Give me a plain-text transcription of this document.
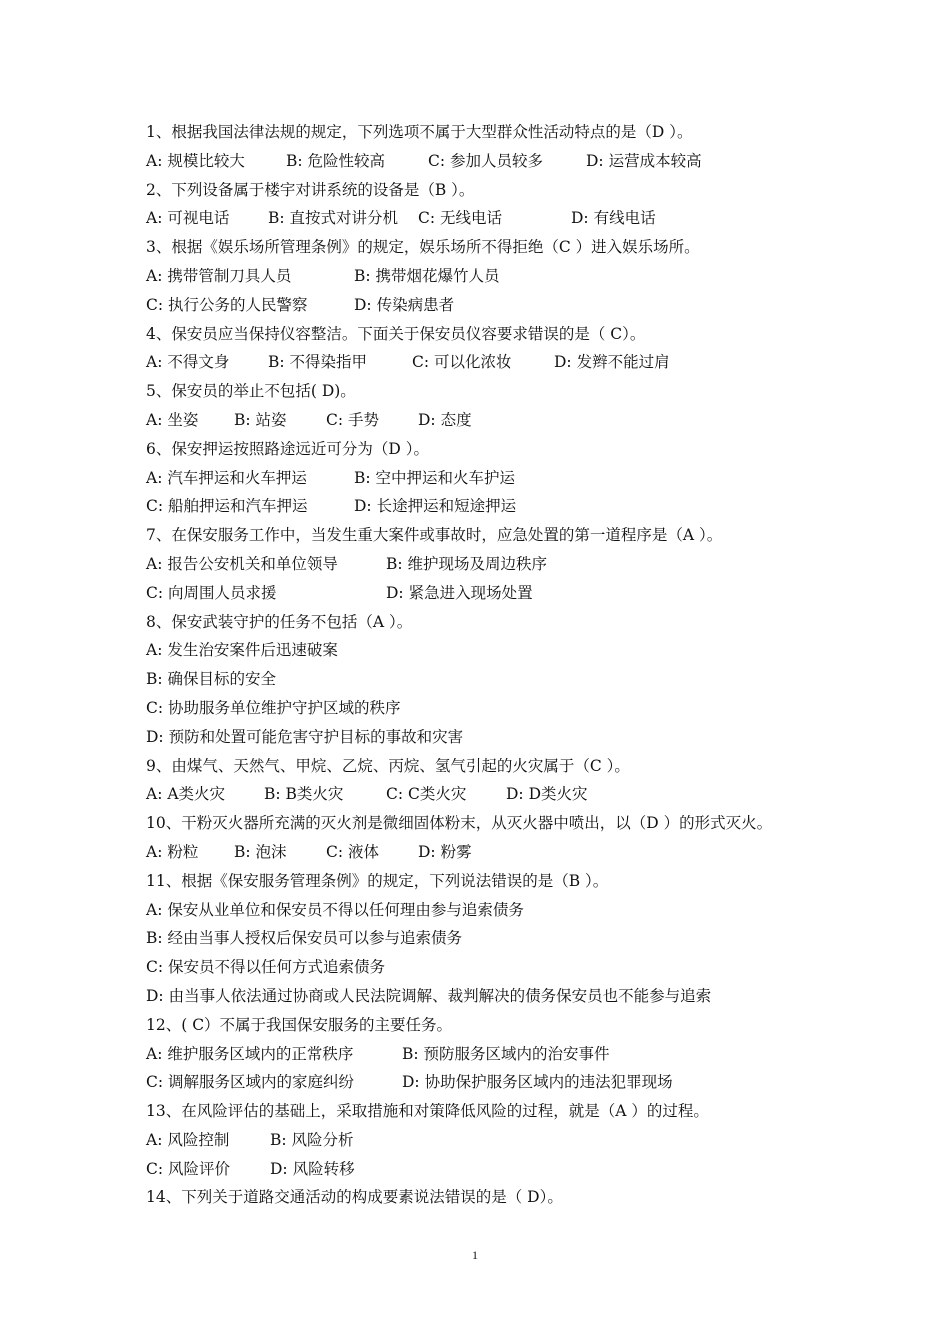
1、根据我国法律法规的规定，下列选项不属于大型群众性活动特点的是（D ）。
A: 规模比较大	B: 危险性较高	C: 参加人员较多	D: 运营成本较高
2、下列设备属于楼宇对讲系统的设备是（B ）。
A: 可视电话 B: 直按式对讲分机 C: 无线电话	D: 有线电话
3、根据《娱乐场所管理条例》的规定，娱乐场所不得拒绝（C ）进入娱乐场所。
A: 携带管制刀具人员	B: 携带烟花爆竹人员
C: 执行公务的人民警察	D: 传染病患者
4、保安员应当保持仪容整洁。下面关于保安员仪容要求错误的是（ C）。
A: 不得文身 B: 不得染指甲	C: 可以化浓妆	D: 发辫不能过肩
5、保安员的举止不包括( D)。
A: 坐姿 B: 站姿	C: 手势	D: 态度
6、保安押运按照路途远近可分为（D ）。
A: 汽车押运和火车押运	B: 空中押运和火车护运
C: 船舶押运和汽车押运	D: 长途押运和短途押运
7、在保安服务工作中，当发生重大案件或事故时，应急处置的第一道程序是（A ）。
A: 报告公安机关和单位领导	B: 维护现场及周边秩序
C: 向周围人员求援	D: 紧急进入现场处置
8、保安武装守护的任务不包括（A ）。
A: 发生治安案件后迅速破案
B: 确保目标的安全
C: 协助服务单位维护守护区域的秩序
D: 预防和处置可能危害守护目标的事故和灾害
9、由煤气、天然气、甲烷、乙烷、丙烷、氢气引起的火灾属于（C ）。
A: A类火灾	B: B类火灾	C: C类火灾	D: D类火灾
10、干粉灭火器所充满的灭火剂是微细固体粉末，从灭火器中喷出，以（D ）的形式灭火。
A: 粉粒 B: 泡沫	C: 液体	D: 粉雾
11、根据《保安服务管理条例》的规定，下列说法错误的是（B ）。
A: 保安从业单位和保安员不得以任何理由参与追索债务
B: 经由当事人授权后保安员可以参与追索债务
C: 保安员不得以任何方式追索债务
D: 由当事人依法通过协商或人民法院调解、裁判解决的债务保安员也不能参与追索
12、( C）不属于我国保安服务的主要任务。
A: 维护服务区域内的正常秩序	B: 预防服务区域内的治安事件
C: 调解服务区域内的家庭纠纷	D: 协助保护服务区域内的违法犯罪现场
13、在风险评估的基础上，采取措施和对策降低风险的过程，就是（A ）的过程。
A: 风险控制	B: 风险分析
C: 风险评价	D: 风险转移
14、下列关于道路交通活动的构成要素说法错误的是（ D）。
1
